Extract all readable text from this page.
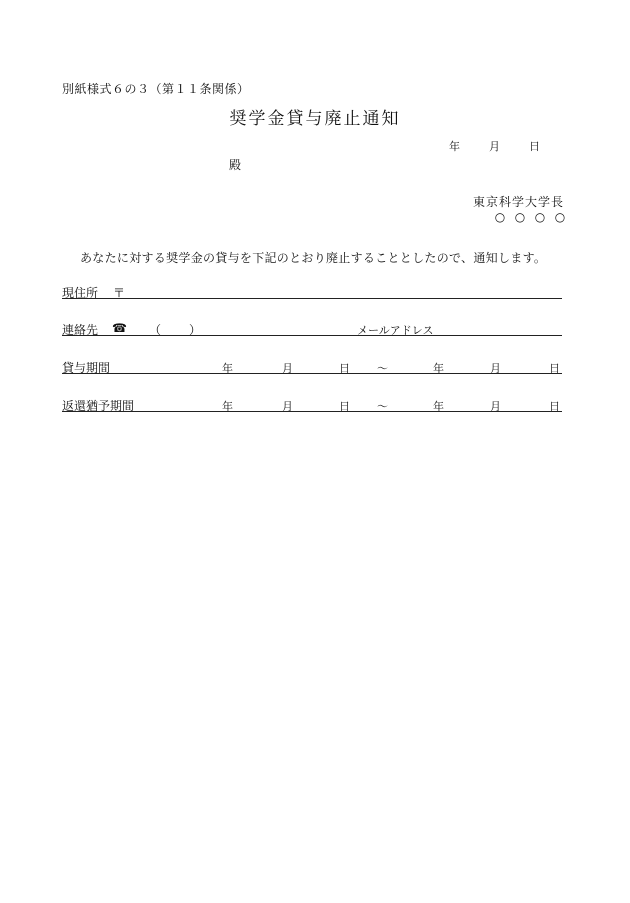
別紙様式６の３（第１１条関係）
奨学金貸与廃止通知
年	月	日
殿
東京科学大学長
○ ○ ○ ○
あなたに対する奨学金の貸与を下記のとおり廃止することとしたので、通知します。
現住所 〒
連絡先 ☎ （ ）	メールアドレス
貸与期間	年	月	日 ～	年	月	日
返還猶予期間	年	月	日 ～	年	月	日
